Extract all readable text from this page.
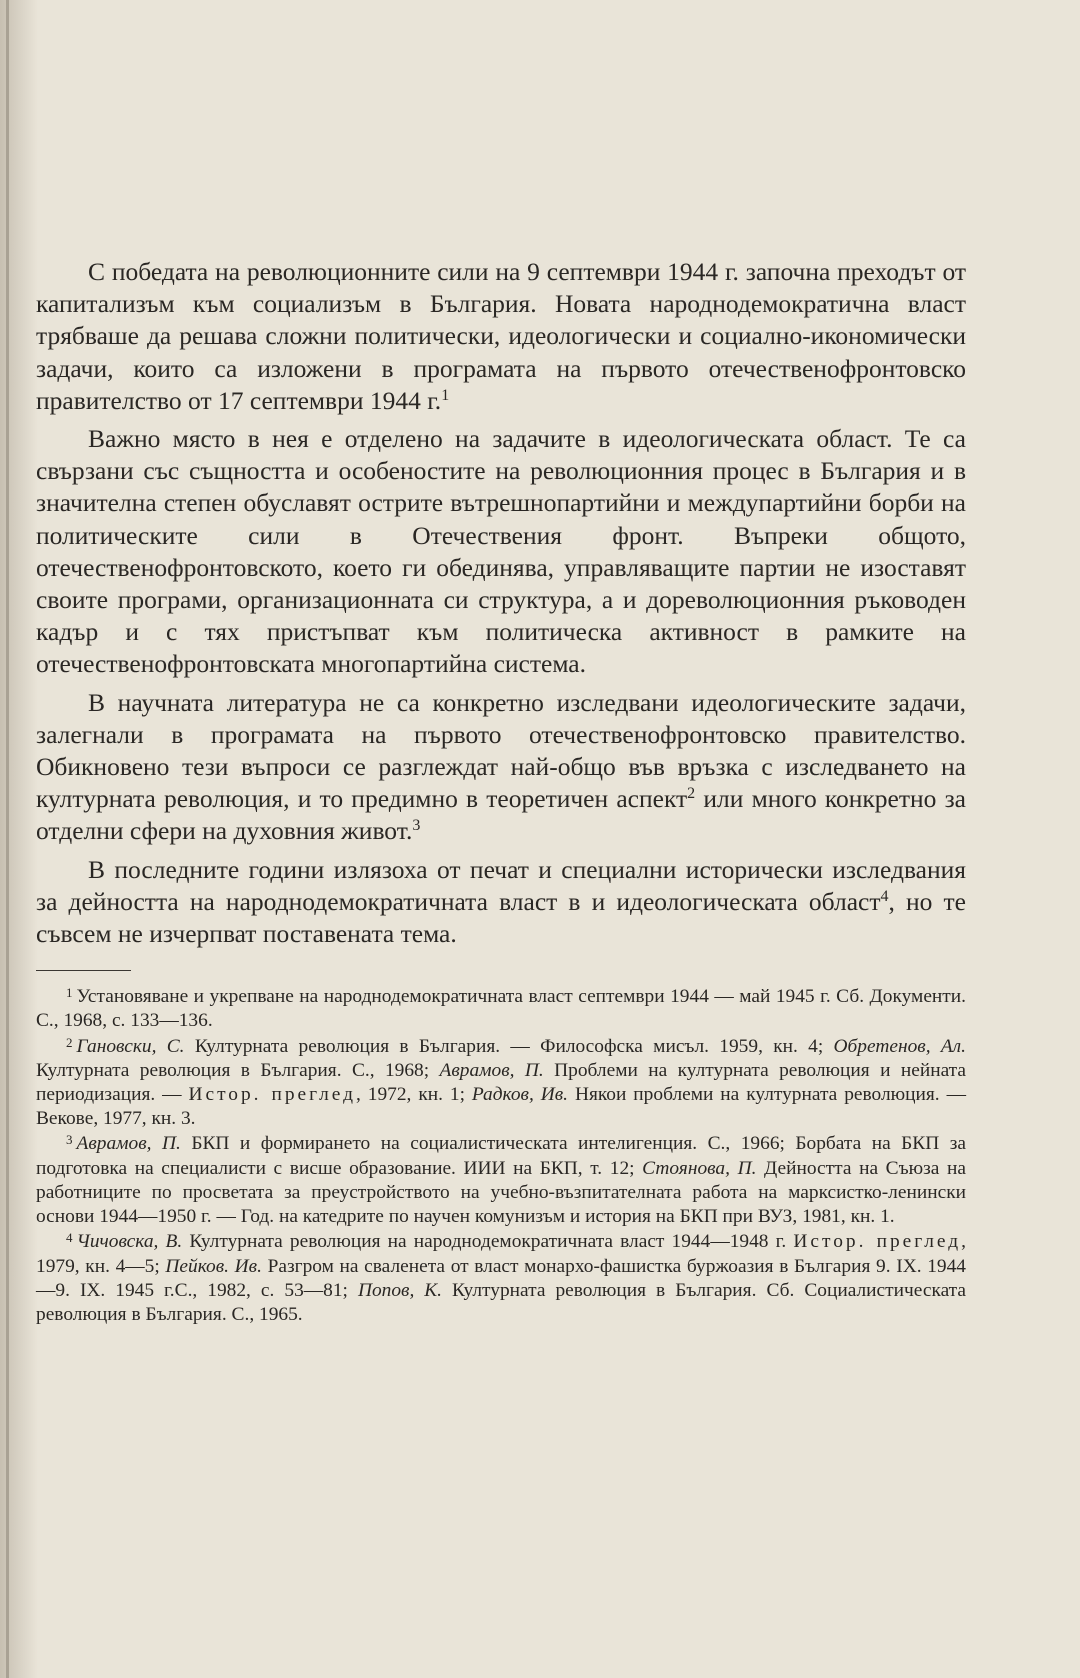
С победата на революционните сили на 9 септември 1944 г. започна преходът от капитализъм към социализъм в България. Новата народнодемократична власт трябваше да решава сложни политически, идеологически и социално-икономически задачи, които са изложени в програмата на първото отечественофронтовско правителство от 17 септември 1944 г.$^1$

Важно място в нея е отделено на задачите в идеологическата област. Те са свързани със същността и особеностите на революционния процес в България и в значителна степен обуславят острите вътрешнопартийни и междупартийни борби на политическите сили в Отечествения фронт. Въпреки общото, отечественофронтовското, което ги обединява, управляващите партии не изоставят своите програми, организационната си структура, а и дореволюционния ръководен кадър и с тях пристъпват към политическа активност в рамките на отечественофронтовската многопартийна система.

В научната литература не са конкретно изследвани идеологическите задачи, залегнали в програмата на първото отечественофронтовско правителство. Обикновено тези въпроси се разглеждат най-общо във връзка с изследването на културната революция, и то предимно в теоретичен аспект$^2$ или много конкретно за отделни сфери на духовния живот.$^3$

В последните години излязоха от печат и специални исторически изследвания за дейността на народнодемократичната власт в и идеологическата област$^4$, но те съвсем не изчерпват поставената тема.

$^1$ Установяване и укрепване на народнодемократичната власт септември 1944 — май 1945 г. Сб. Документи. С., 1968, с. 133—136.

$^2$ Гановски, С. Културната революция в България. — Философска мисъл. 1959, кн. 4; Обретенов, Ал. Културната революция в България. С., 1968; Аврамов, П. Проблеми на културната революция и нейната периодизация. — Истор. преглед, 1972, кн. 1; Радков, Ив. Някои проблеми на културната революция. — Векове, 1977, кн. 3.

$^3$ Аврамов, П. БКП и формирането на социалистическата интелигенция. С., 1966; Борбата на БКП за подготовка на специалисти с висше образование. ИИИ на БКП, т. 12; Стоянова, П. Дейността на Съюза на работниците по просветата за преустройството на учебно-възпитателната работа на марксистко-ленински основи 1944—1950 г. — Год. на катедрите по научен комунизъм и история на БКП при ВУЗ, 1981, кн. 1.

$^4$ Чичовска, В. Културната революция на народнодемократичната власт 1944—1948 г. Истор. преглед, 1979, кн. 4—5; Пейков. Ив. Разгром на сваленета от власт монархо-фашистка буржоазия в България 9. IX. 1944—9. IX. 1945 г.С., 1982, с. 53—81; Попов, К. Културната революция в България. Сб. Социалистическата революция в България. С., 1965.
